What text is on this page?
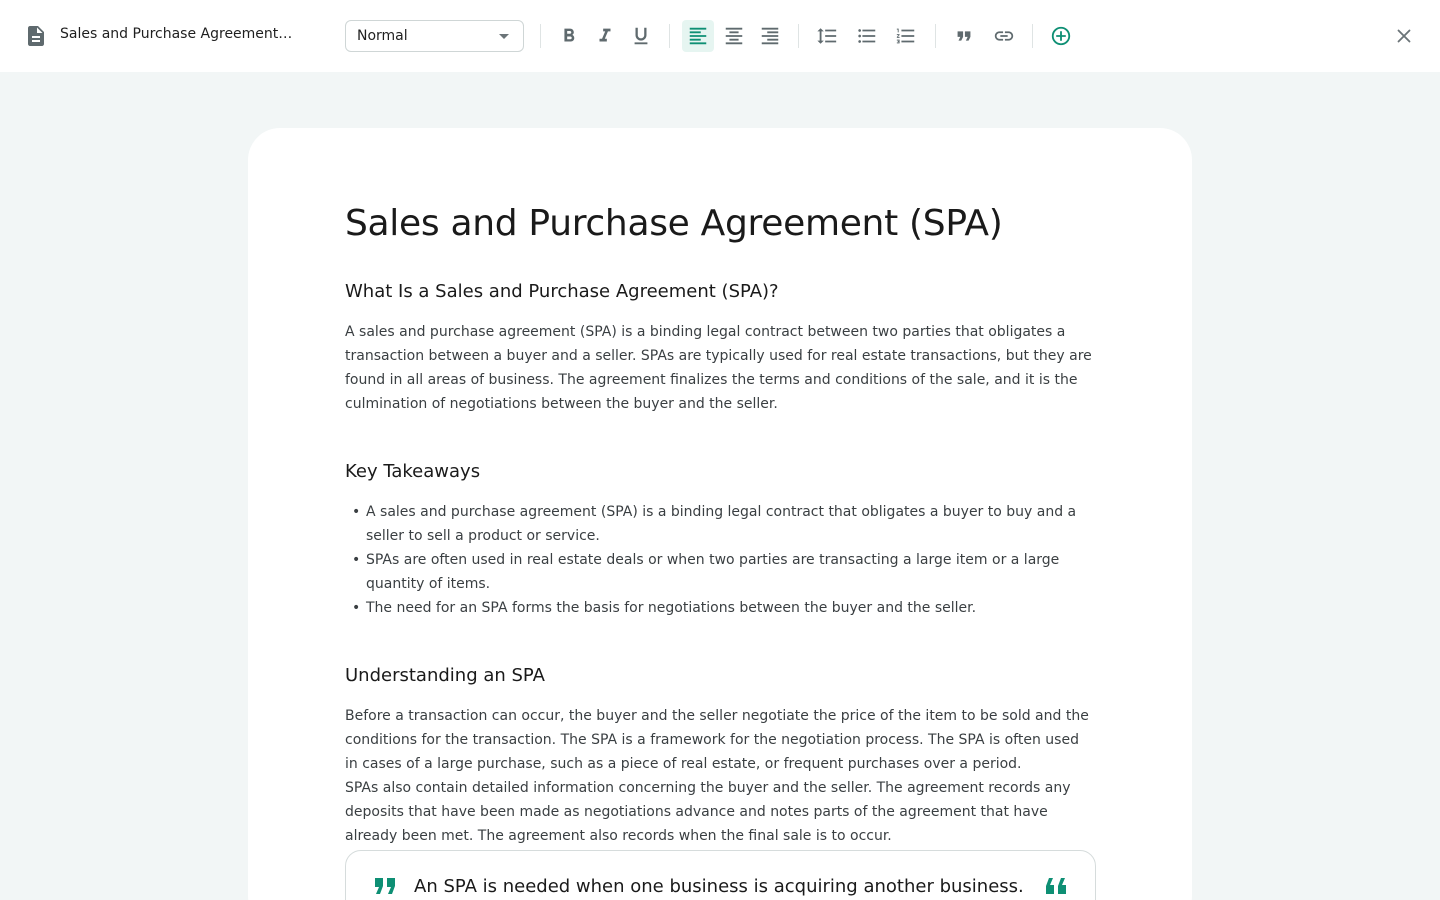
Sales and Purchase Agreement…	Normal
Sales and Purchase Agreement (SPA)
What Is a Sales and Purchase Agreement (SPA)?

A sales and purchase agreement (SPA) is a binding legal contract between two parties that obligates a transaction between a buyer and a seller. SPAs are typically used for real estate transactions, but they are found in all areas of business. The agreement finalizes the terms and conditions of the sale, and it is the culmination of negotiations between the buyer and the seller.

Key Takeaways
• A sales and purchase agreement (SPA) is a binding legal contract that obligates a buyer to buy and a seller to sell a product or service.
• SPAs are often used in real estate deals or when two parties are transacting a large item or a large quantity of items.
• The need for an SPA forms the basis for negotiations between the buyer and the seller.
Understanding an SPA

Before a transaction can occur, the buyer and the seller negotiate the price of the item to be sold and the conditions for the transaction. The SPA is a framework for the negotiation process. The SPA is often used in cases of a large purchase, such as a piece of real estate, or frequent purchases over a period.

SPAs also contain detailed information concerning the buyer and the seller. The agreement records any deposits that have been made as negotiations advance and notes parts of the agreement that have already been met. The agreement also records when the final sale is to occur.

An SPA is needed when one business is acquiring another business.
